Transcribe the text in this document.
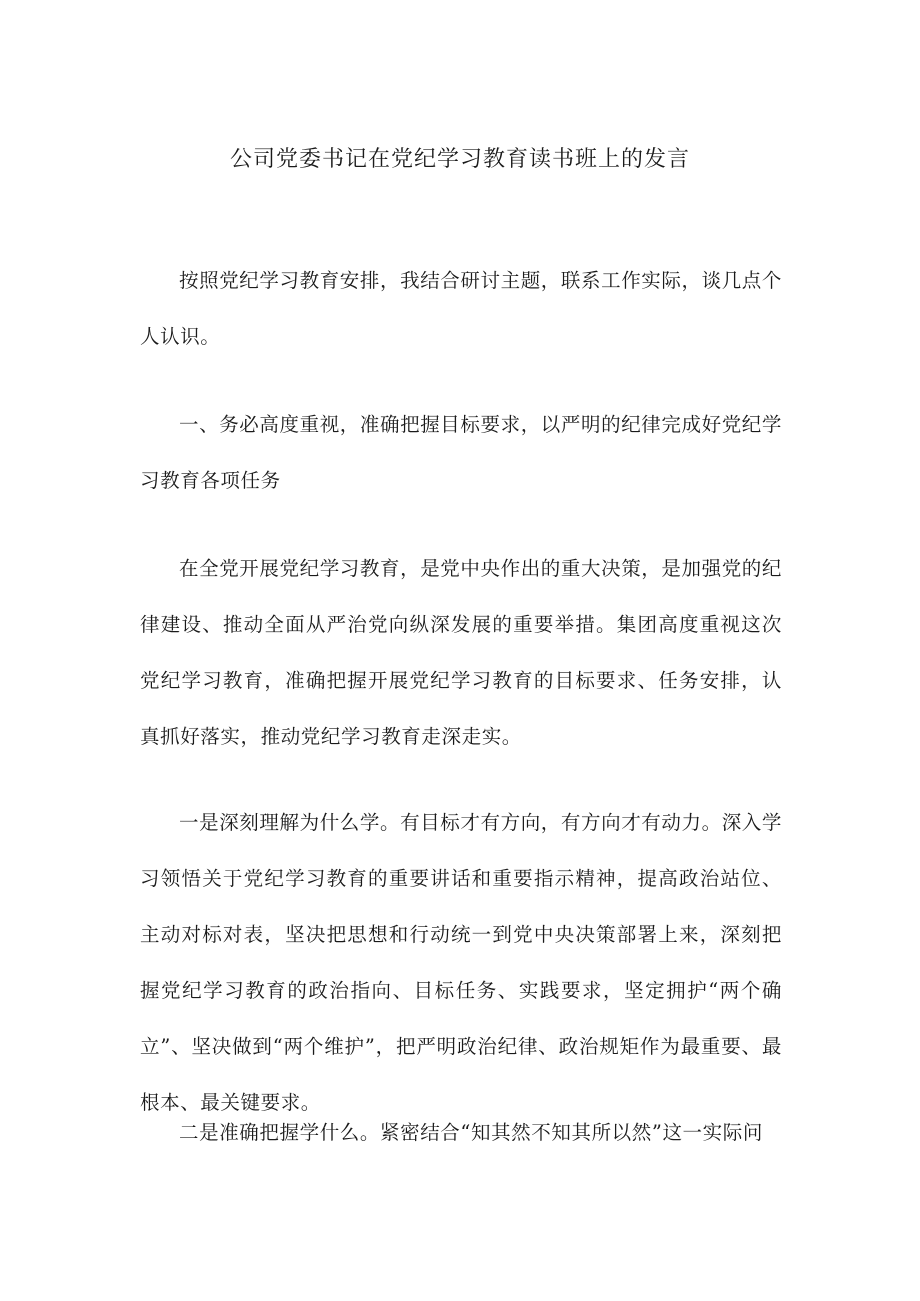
公司党委书记在党纪学习教育读书班上的发言

按照党纪学习教育安排，我结合研讨主题，联系工作实际，谈几点个人认识。

一、务必高度重视，准确把握目标要求，以严明的纪律完成好党纪学习教育各项任务

在全党开展党纪学习教育，是党中央作出的重大决策，是加强党的纪律建设、推动全面从严治党向纵深发展的重要举措。集团高度重视这次党纪学习教育，准确把握开展党纪学习教育的目标要求、任务安排，认真抓好落实，推动党纪学习教育走深走实。

一是深刻理解为什么学。有目标才有方向，有方向才有动力。深入学习领悟关于党纪学习教育的重要讲话和重要指示精神，提高政治站位、主动对标对表，坚决把思想和行动统一到党中央决策部署上来，深刻把握党纪学习教育的政治指向、目标任务、实践要求，坚定拥护“两个确立”、坚决做到“两个维护”，把严明政治纪律、政治规矩作为最重要、最根本、最关键要求。

二是准确把握学什么。紧密结合“知其然不知其所以然”这一实际问
